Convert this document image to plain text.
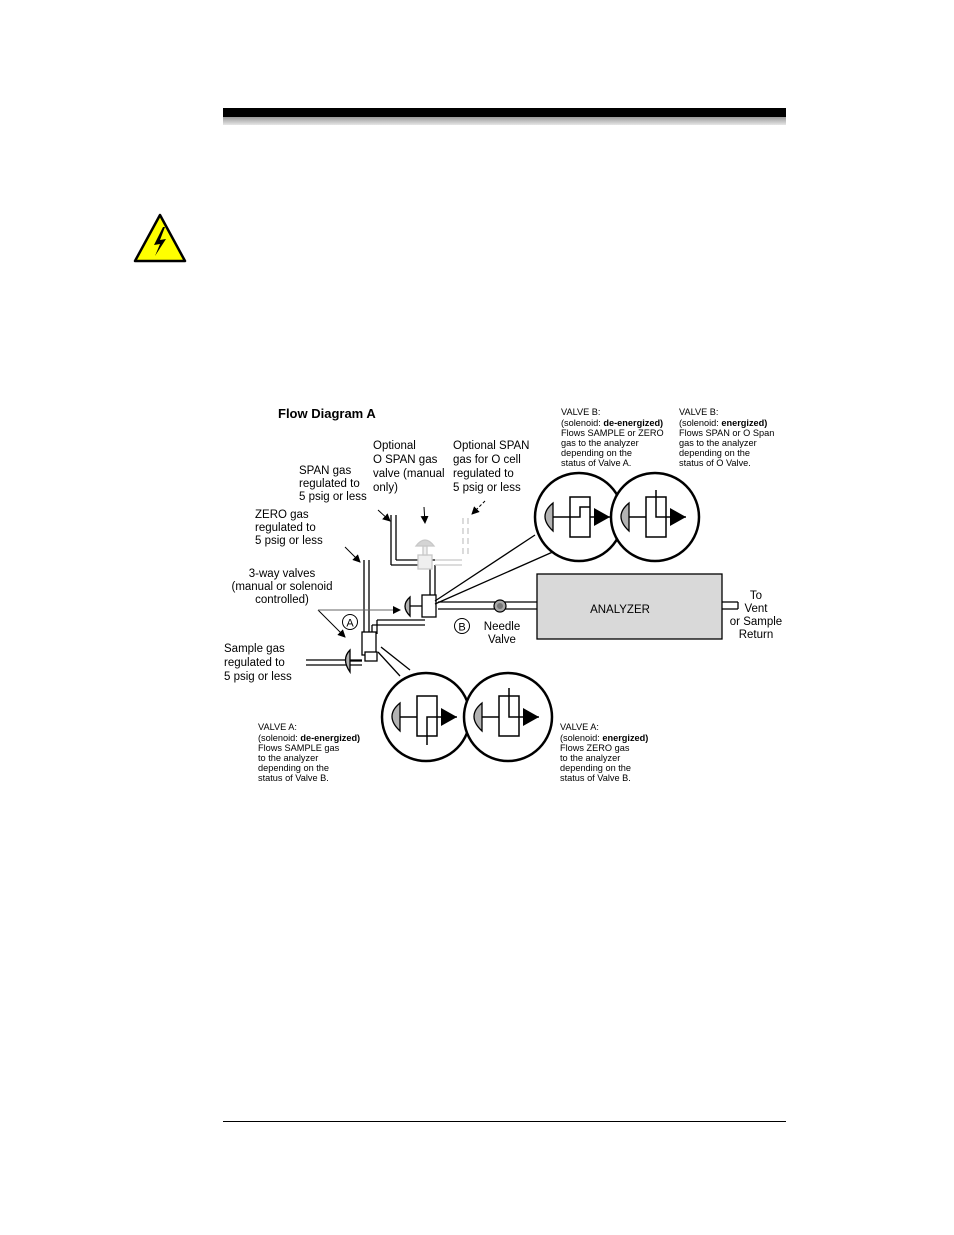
Flow Diagram A
Optional
O SPAN gas
valve (manual
only)
Optional SPAN
gas for O cell
regulated to
5 psig or less
SPAN gas
regulated to
5 psig or less
ZERO gas
regulated to
5 psig or less
3-way valves
(manual or solenoid
controlled)
Sample gas
regulated to
5 psig or less
Needle
Valve
To
Vent
or Sample
Return
VALVE B:
(solenoid: de-energized)
Flows SAMPLE or ZERO
gas to the analyzer
depending on the
status of Valve A.
VALVE B:
(solenoid: energized)
Flows SPAN or O Span
gas to the analyzer
depending on the
status of O Valve.
VALVE A:
(solenoid: de-energized)
Flows SAMPLE gas
to the analyzer
depending on the
status of Valve B.
VALVE A:
(solenoid: energized)
Flows ZERO gas
to the analyzer
depending on the
status of Valve B.
A	B
ANALYZER
